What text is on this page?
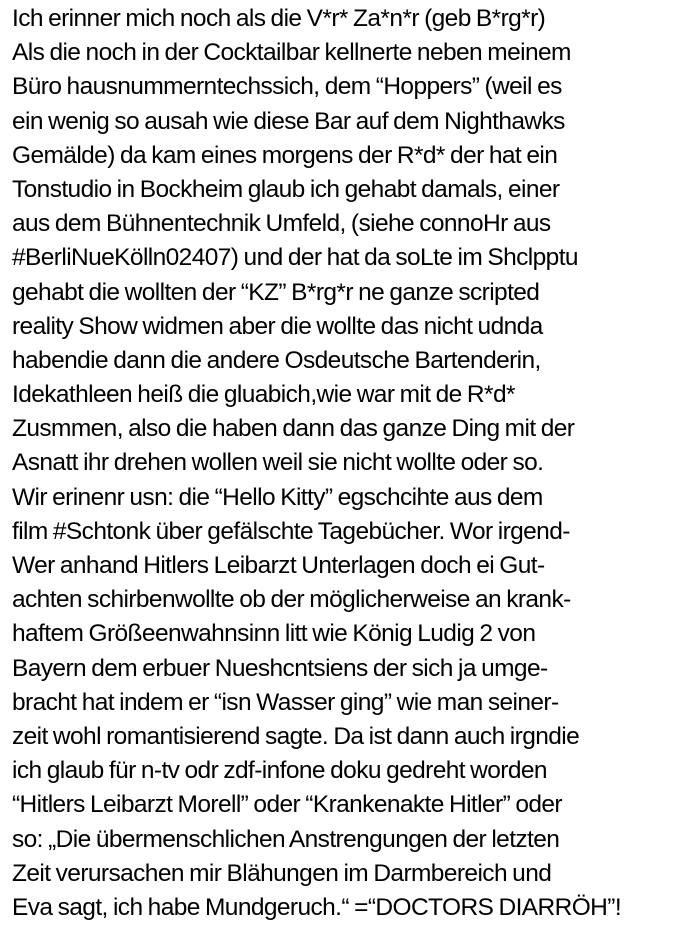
Ich erinner mich noch als die V*r* Za*n*r (geb B*rg*r)
Als die noch in der Cocktailbar kellnerte neben meinem
Büro hausnummerntechssich, dem “Hoppers” (weil es
ein wenig so ausah wie diese Bar auf dem Nighthawks
Gemälde) da kam eines morgens der R*d* der hat ein
Tonstudio in Bockheim glaub ich gehabt damals, einer
aus dem Bühnentechnik Umfeld, (siehe connoHr aus
#BerliNueKölln02407) und der hat da soLte im Shclpptu
gehabt die wollten der “KZ” B*rg*r ne ganze scripted
reality Show widmen aber die wollte das nicht udnda
habendie dann die andere Osdeutsche Bartenderin,
Idekathleen heiß die gluabich,wie war mit de R*d*
Zusmmen, also die haben dann das ganze Ding mit der
Asnatt ihr drehen wollen weil sie nicht wollte oder so.
Wir erinenr usn: die “Hello Kitty” egschcihte aus dem
film #Schtonk über gefälschte Tagebücher. Wor irgend-
Wer anhand Hitlers Leibarzt Unterlagen doch ei Gut-
achten schirbenwollte ob der möglicherweise an krank-
haftem Größeenwahnsinn litt wie König Ludig 2 von
Bayern dem erbuer Nueshcntsiens der sich ja umge-
bracht hat indem er “isn Wasser ging” wie man seiner-
zeit wohl romantisierend sagte. Da ist dann auch irgndie
ich glaub für n-tv odr zdf-infone doku gedreht worden
“Hitlers Leibarzt Morell” oder “Krankenakte Hitler” oder
so: „Die übermenschlichen Anstrengungen der letzten
Zeit verursachen mir Blähungen im Darmbereich und
Eva sagt, ich habe Mundgeruch.“ =“DOCTORS DIARRÖH”!
